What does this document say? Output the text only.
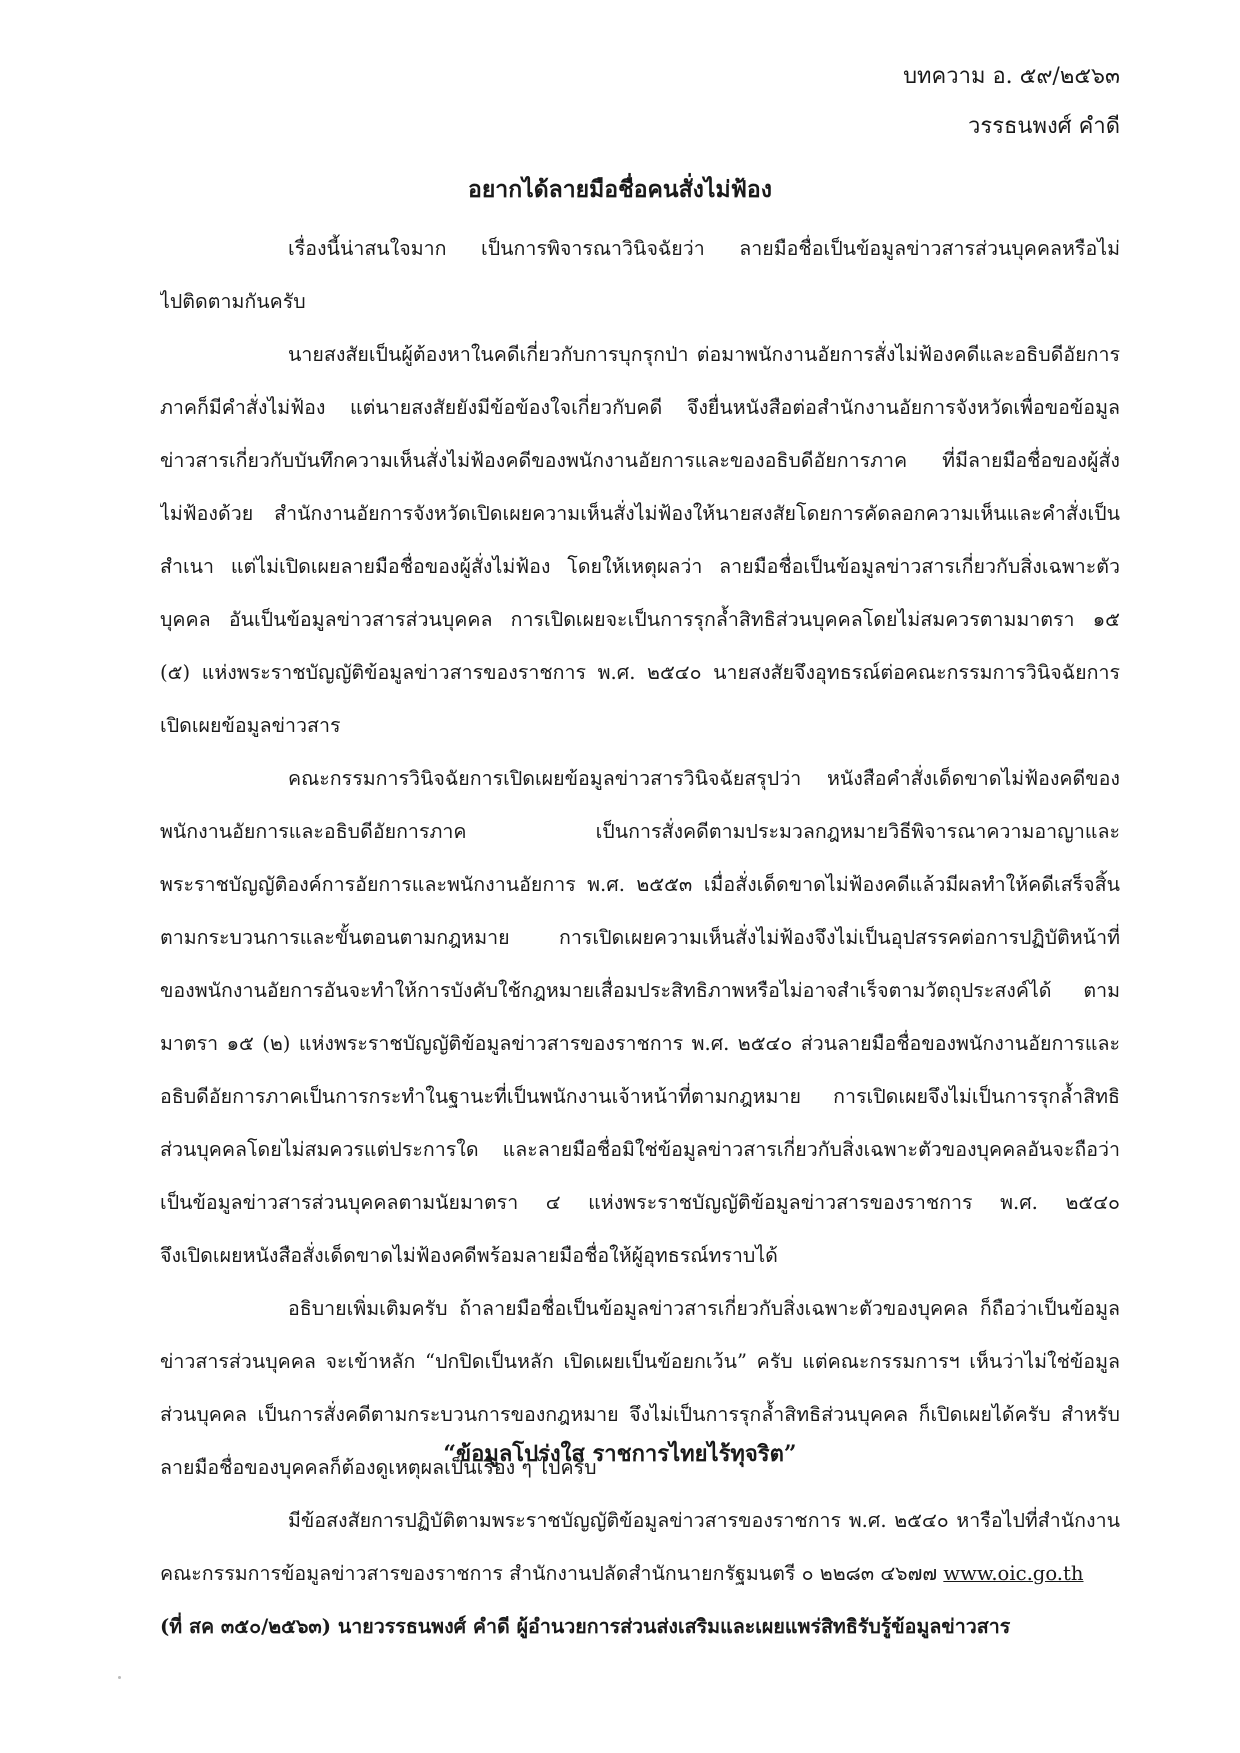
บทความ อ. ๕๙/๒๕๖๓
วรรธนพงศ์ คำดี
อยากได้ลายมือชื่อคนสั่งไม่ฟ้อง
เรื่องนี้น่าสนใจมาก เป็นการพิจารณาวินิจฉัยว่า ลายมือชื่อเป็นข้อมูลข่าวสารส่วนบุคคลหรือไม่
ไปติดตามกันครับ
นายสงสัยเป็นผู้ต้องหาในคดีเกี่ยวกับการบุกรุกป่า ต่อมาพนักงานอัยการสั่งไม่ฟ้องคดีและอธิบดีอัยการ
ภาคก็มีคำสั่งไม่ฟ้อง แต่นายสงสัยยังมีข้อข้องใจเกี่ยวกับคดี จึงยื่นหนังสือต่อสำนักงานอัยการจังหวัดเพื่อขอข้อมูล
ข่าวสารเกี่ยวกับบันทึกความเห็นสั่งไม่ฟ้องคดีของพนักงานอัยการและของอธิบดีอัยการภาค ที่มีลายมือชื่อของผู้สั่ง
ไม่ฟ้องด้วย สำนักงานอัยการจังหวัดเปิดเผยความเห็นสั่งไม่ฟ้องให้นายสงสัยโดยการคัดลอกความเห็นและคำสั่งเป็น
สำเนา แต่ไม่เปิดเผยลายมือชื่อของผู้สั่งไม่ฟ้อง โดยให้เหตุผลว่า ลายมือชื่อเป็นข้อมูลข่าวสารเกี่ยวกับสิ่งเฉพาะตัว
บุคคล อันเป็นข้อมูลข่าวสารส่วนบุคคล การเปิดเผยจะเป็นการรุกล้ำสิทธิส่วนบุคคลโดยไม่สมควรตามมาตรา ๑๕
(๕) แห่งพระราชบัญญัติข้อมูลข่าวสารของราชการ พ.ศ. ๒๕๔๐ นายสงสัยจึงอุทธรณ์ต่อคณะกรรมการวินิจฉัยการ
เปิดเผยข้อมูลข่าวสาร
คณะกรรมการวินิจฉัยการเปิดเผยข้อมูลข่าวสารวินิจฉัยสรุปว่า หนังสือคำสั่งเด็ดขาดไม่ฟ้องคดีของ
พนักงานอัยการและอธิบดีอัยการภาค เป็นการสั่งคดีตามประมวลกฎหมายวิธีพิจารณาความอาญาและ
พระราชบัญญัติองค์การอัยการและพนักงานอัยการ พ.ศ. ๒๕๕๓ เมื่อสั่งเด็ดขาดไม่ฟ้องคดีแล้วมีผลทำให้คดีเสร็จสิ้น
ตามกระบวนการและขั้นตอนตามกฎหมาย การเปิดเผยความเห็นสั่งไม่ฟ้องจึงไม่เป็นอุปสรรคต่อการปฏิบัติหน้าที่
ของพนักงานอัยการอันจะทำให้การบังคับใช้กฎหมายเสื่อมประสิทธิภาพหรือไม่อาจสำเร็จตามวัตถุประสงค์ได้ ตาม
มาตรา ๑๕ (๒) แห่งพระราชบัญญัติข้อมูลข่าวสารของราชการ พ.ศ. ๒๕๔๐ ส่วนลายมือชื่อของพนักงานอัยการและ
อธิบดีอัยการภาคเป็นการกระทำในฐานะที่เป็นพนักงานเจ้าหน้าที่ตามกฎหมาย การเปิดเผยจึงไม่เป็นการรุกล้ำสิทธิ
ส่วนบุคคลโดยไม่สมควรแต่ประการใด และลายมือชื่อมิใช่ข้อมูลข่าวสารเกี่ยวกับสิ่งเฉพาะตัวของบุคคลอันจะถือว่า
เป็นข้อมูลข่าวสารส่วนบุคคลตามนัยมาตรา ๔ แห่งพระราชบัญญัติข้อมูลข่าวสารของราชการ พ.ศ. ๒๕๔๐
จึงเปิดเผยหนังสือสั่งเด็ดขาดไม่ฟ้องคดีพร้อมลายมือชื่อให้ผู้อุทธรณ์ทราบได้
อธิบายเพิ่มเติมครับ ถ้าลายมือชื่อเป็นข้อมูลข่าวสารเกี่ยวกับสิ่งเฉพาะตัวของบุคคล ก็ถือว่าเป็นข้อมูล
ข่าวสารส่วนบุคคล จะเข้าหลัก “ปกปิดเป็นหลัก เปิดเผยเป็นข้อยกเว้น” ครับ แต่คณะกรรมการฯ เห็นว่าไม่ใช่ข้อมูล
ส่วนบุคคล เป็นการสั่งคดีตามกระบวนการของกฎหมาย จึงไม่เป็นการรุกล้ำสิทธิส่วนบุคคล ก็เปิดเผยได้ครับ สำหรับ
ลายมือชื่อของบุคคลก็ต้องดูเหตุผลเป็นเรื่อง ๆ ไปครับ
มีข้อสงสัยการปฏิบัติตามพระราชบัญญัติข้อมูลข่าวสารของราชการ พ.ศ. ๒๕๔๐ หารือไปที่สำนักงาน
คณะกรรมการข้อมูลข่าวสารของราชการ สำนักงานปลัดสำนักนายกรัฐมนตรี ๐ ๒๒๘๓ ๔๖๗๗ www.oic.go.th
(ที่ สค ๓๕๐/๒๕๖๓) นายวรรธนพงศ์ คำดี ผู้อำนวยการส่วนส่งเสริมและเผยแพร่สิทธิรับรู้ข้อมูลข่าวสาร
“ข้อมูลโปร่งใส ราชการไทยไร้ทุจริต”
